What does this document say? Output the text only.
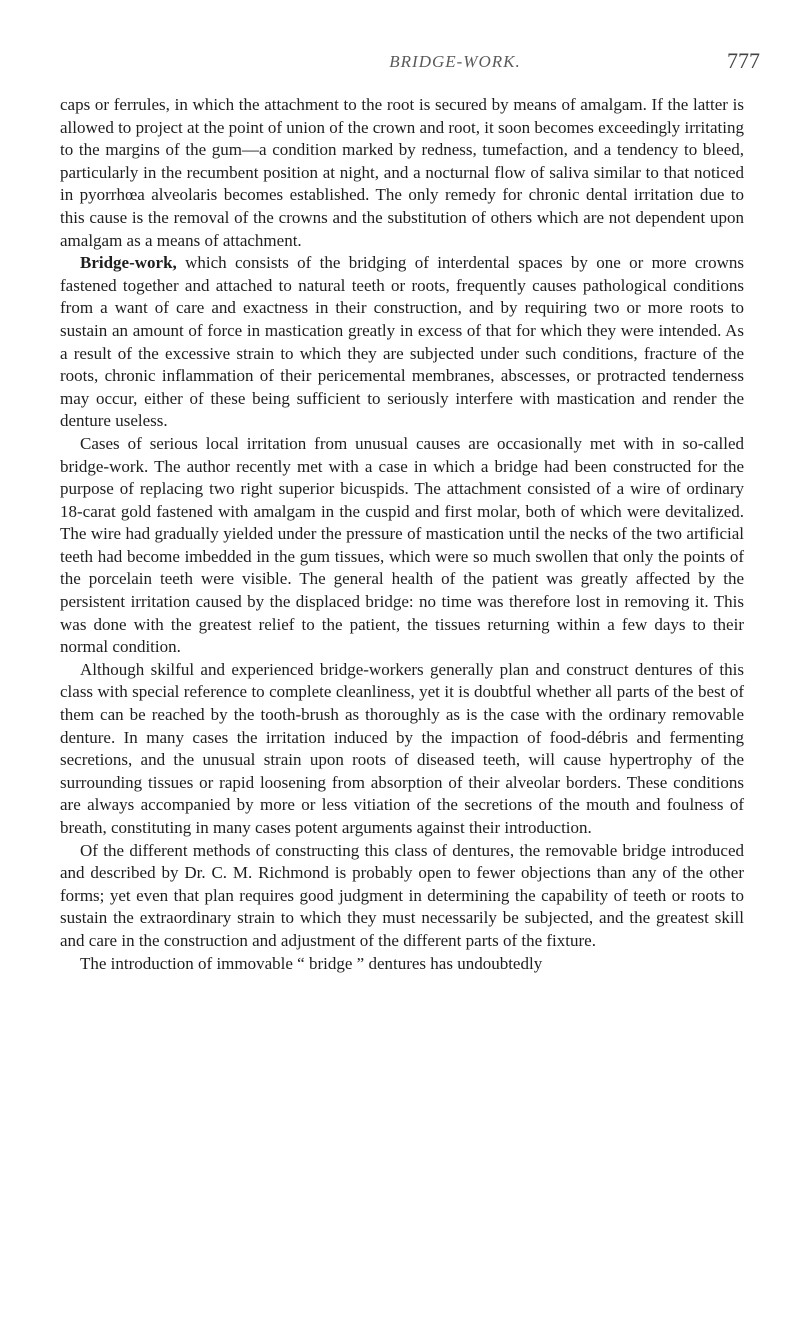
BRIDGE-WORK.	777

caps or ferrules, in which the attachment to the root is secured by means of amalgam. If the latter is allowed to project at the point of union of the crown and root, it soon becomes exceedingly irritating to the margins of the gum—a condition marked by redness, tumefaction, and a tendency to bleed, particularly in the recumbent position at night, and a nocturnal flow of saliva similar to that noticed in pyorrhœa alveolaris becomes established. The only remedy for chronic dental irritation due to this cause is the removal of the crowns and the substitution of others which are not dependent upon amalgam as a means of attachment.

Bridge-work, which consists of the bridging of interdental spaces by one or more crowns fastened together and attached to natural teeth or roots, frequently causes pathological conditions from a want of care and exactness in their construction, and by requiring two or more roots to sustain an amount of force in mastication greatly in excess of that for which they were intended. As a result of the excessive strain to which they are subjected under such conditions, fracture of the roots, chronic inflammation of their pericemental membranes, abscesses, or protracted tenderness may occur, either of these being sufficient to seriously interfere with mastication and render the denture useless.

Cases of serious local irritation from unusual causes are occasionally met with in so-called bridge-work. The author recently met with a case in which a bridge had been constructed for the purpose of replacing two right superior bicuspids. The attachment consisted of a wire of ordinary 18-carat gold fastened with amalgam in the cuspid and first molar, both of which were devitalized. The wire had gradually yielded under the pressure of mastication until the necks of the two artificial teeth had become imbedded in the gum tissues, which were so much swollen that only the points of the porcelain teeth were visible. The general health of the patient was greatly affected by the persistent irritation caused by the displaced bridge: no time was therefore lost in removing it. This was done with the greatest relief to the patient, the tissues returning within a few days to their normal condition.

Although skilful and experienced bridge-workers generally plan and construct dentures of this class with special reference to complete cleanliness, yet it is doubtful whether all parts of the best of them can be reached by the tooth-brush as thoroughly as is the case with the ordinary removable denture. In many cases the irritation induced by the impaction of food-débris and fermenting secretions, and the unusual strain upon roots of diseased teeth, will cause hypertrophy of the surrounding tissues or rapid loosening from absorption of their alveolar borders. These conditions are always accompanied by more or less vitiation of the secretions of the mouth and foulness of breath, constituting in many cases potent arguments against their introduction.

Of the different methods of constructing this class of dentures, the removable bridge introduced and described by Dr. C. M. Richmond is probably open to fewer objections than any of the other forms; yet even that plan requires good judgment in determining the capability of teeth or roots to sustain the extraordinary strain to which they must necessarily be subjected, and the greatest skill and care in the construction and adjustment of the different parts of the fixture.

The introduction of immovable “ bridge ” dentures has undoubtedly
